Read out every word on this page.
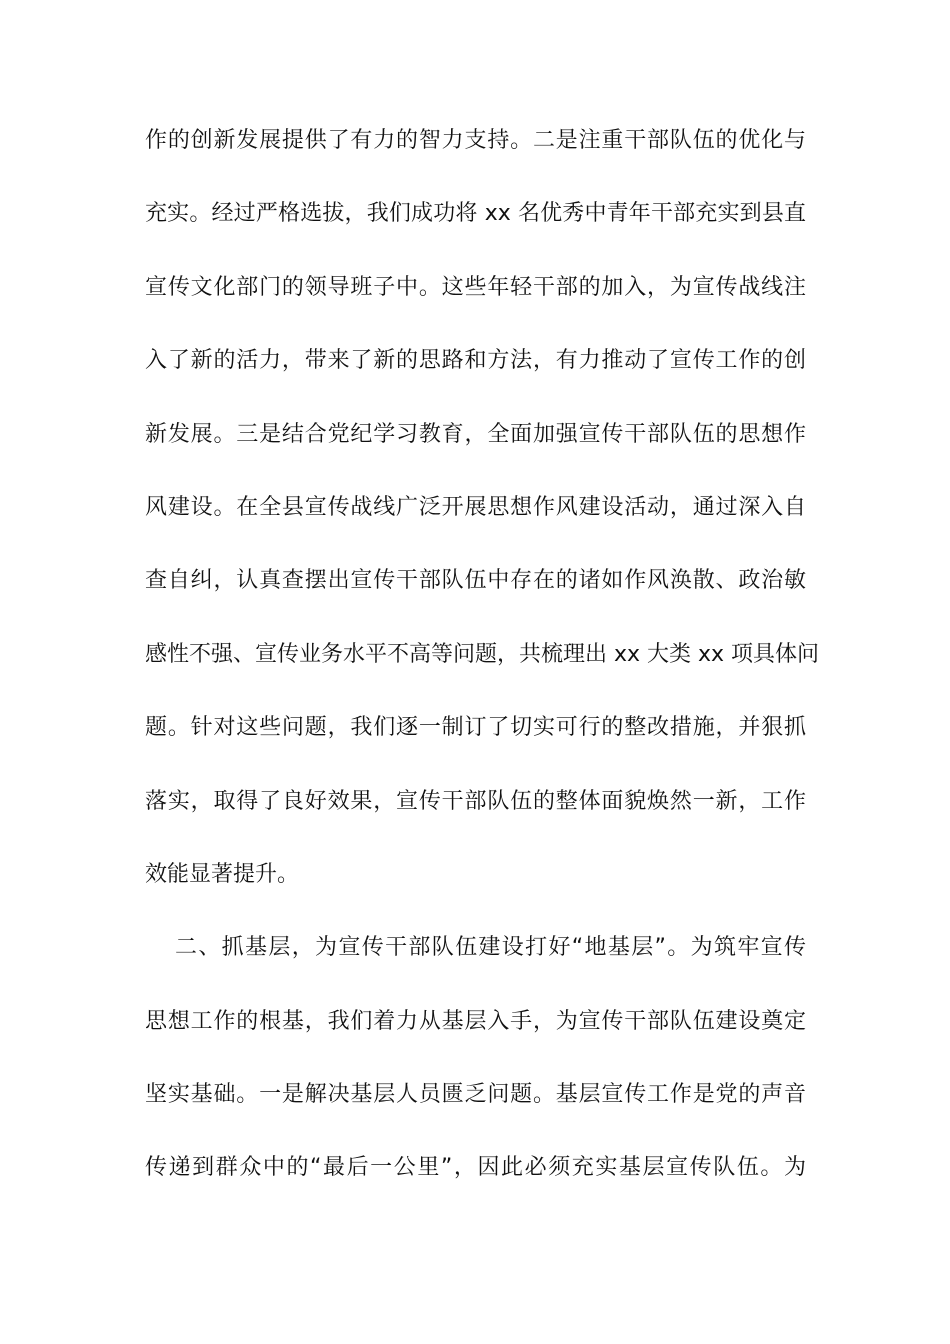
作的创新发展提供了有力的智力支持。二是注重干部队伍的优化与
充实。经过严格选拔，我们成功将 xx 名优秀中青年干部充实到县直
宣传文化部门的领导班子中。这些年轻干部的加入，为宣传战线注
入了新的活力，带来了新的思路和方法，有力推动了宣传工作的创
新发展。三是结合党纪学习教育，全面加强宣传干部队伍的思想作
风建设。在全县宣传战线广泛开展思想作风建设活动，通过深入自
查自纠，认真查摆出宣传干部队伍中存在的诸如作风涣散、政治敏
感性不强、宣传业务水平不高等问题，共梳理出 xx 大类 xx 项具体问
题。针对这些问题，我们逐一制订了切实可行的整改措施，并狠抓
落实，取得了良好效果，宣传干部队伍的整体面貌焕然一新，工作
效能显著提升。
二、抓基层，为宣传干部队伍建设打好“地基层”。为筑牢宣传
思想工作的根基，我们着力从基层入手，为宣传干部队伍建设奠定
坚实基础。一是解决基层人员匮乏问题。基层宣传工作是党的声音
传递到群众中的“最后一公里”，因此必须充实基层宣传队伍。为
